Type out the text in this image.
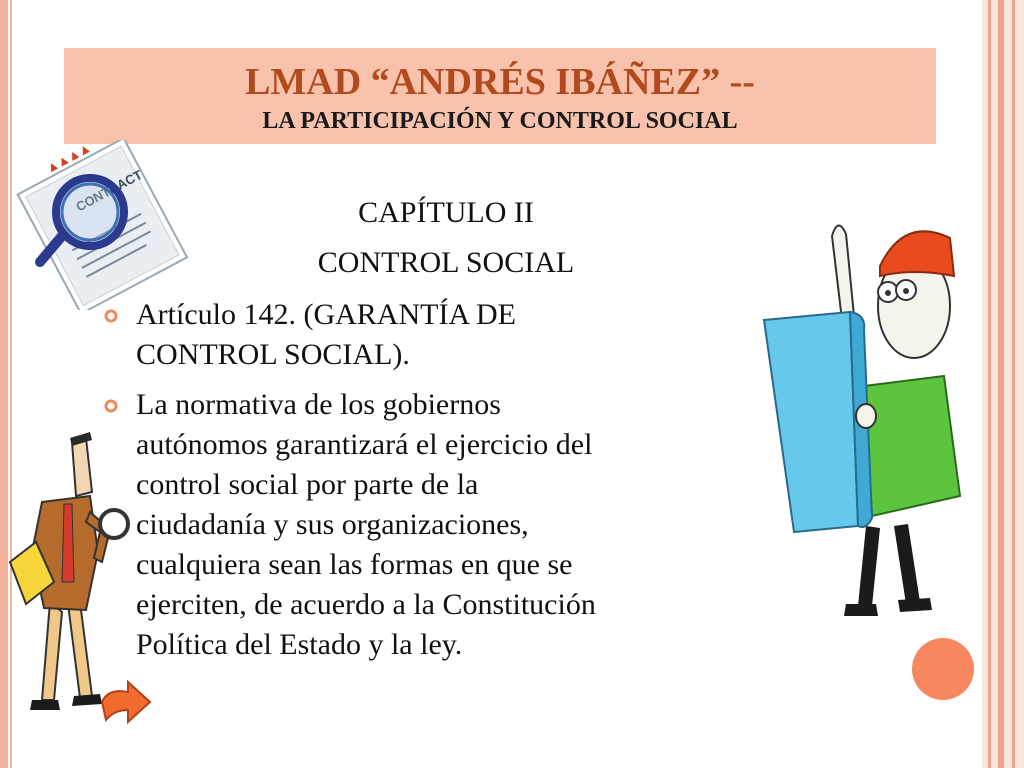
LMAD “ANDRÉS IBÁÑEZ” --
LA PARTICIPACIÓN Y CONTROL SOCIAL
CAPÍTULO II
CONTROL SOCIAL
Artículo 142. (GARANTÍA DE
CONTROL SOCIAL).
La normativa de los gobiernos
autónomos garantizará el ejercicio del
control social por parte de la
ciudadanía y sus organizaciones,
cualquiera sean las formas en que se
ejerciten, de acuerdo a la Constitución
Política del Estado y la ley.
